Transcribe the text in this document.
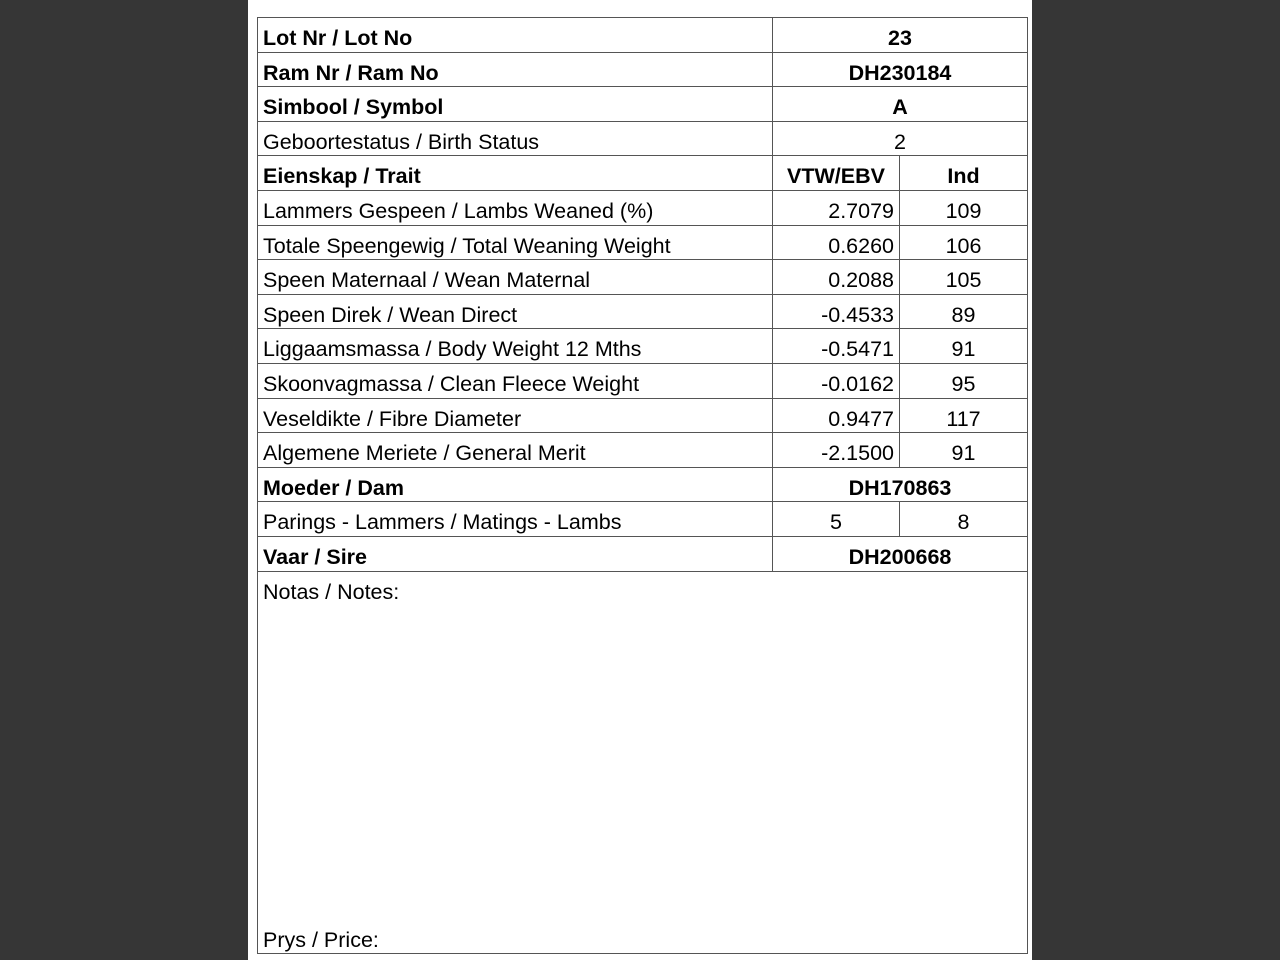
Lot Nr / Lot No	23
Ram Nr / Ram No	DH230184
Simbool / Symbol	A
Geboortestatus / Birth Status	2
Eienskap / Trait	VTW/EBV	Ind
Lammers Gespeen / Lambs Weaned (%)	2.7079	109
Totale Speengewig / Total Weaning Weight	0.6260	106
Speen Maternaal / Wean Maternal	0.2088	105
Speen Direk / Wean Direct	-0.4533	89
Liggaamsmassa / Body Weight 12 Mths	-0.5471	91
Skoonvagmassa / Clean Fleece Weight	-0.0162	95
Veseldikte / Fibre Diameter	0.9477	117
Algemene Meriete / General Merit	-2.1500	91
Moeder / Dam	DH170863
Parings - Lammers / Matings - Lambs	5	8
Vaar / Sire	DH200668
Notas / Notes:
Prys / Price:
